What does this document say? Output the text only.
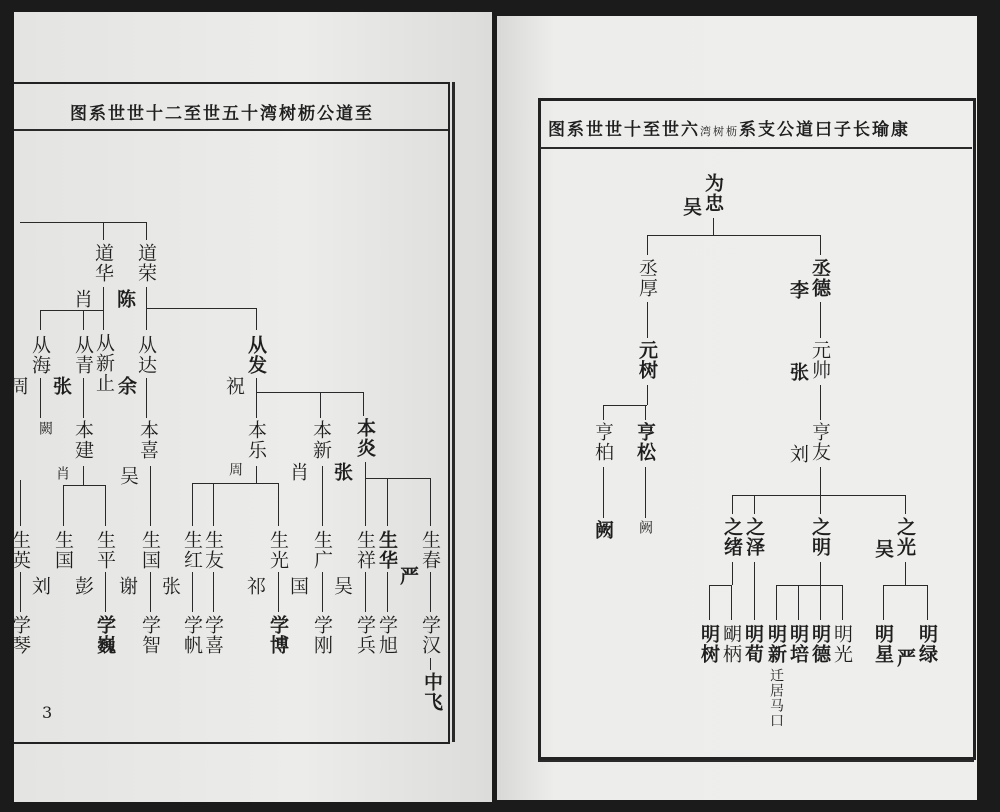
至道公枥树湾十五世至二十世世系图
3
康瑜长子曰道公支系枥树湾六世至十世世系图
道华 道荣
肖 陈
从海 从青 从新止 从达	从发
周 张 余	祝
闕 本建 本喜	本乐 本新 本炎
肖 吴	周 肖 张
生英 生国 生平 生国 生红 生友 生光 生广 生祥 生华 生春
刘 彭 谢 张	祁 国 吴 严
学琴	学巍 学智 学帆 学喜 学博 学刚 学兵 学旭 学汉
中飞
为忠
吴
丞厚	丞德
李
元树	元帅
张
亨柏 亨松	亨友
刘
阙 阙	之绪 之泽 之明	之光
吴
明树 朙柄 明荀 明新 明培 明德 明光
迁居马口
明星 严 明绿
